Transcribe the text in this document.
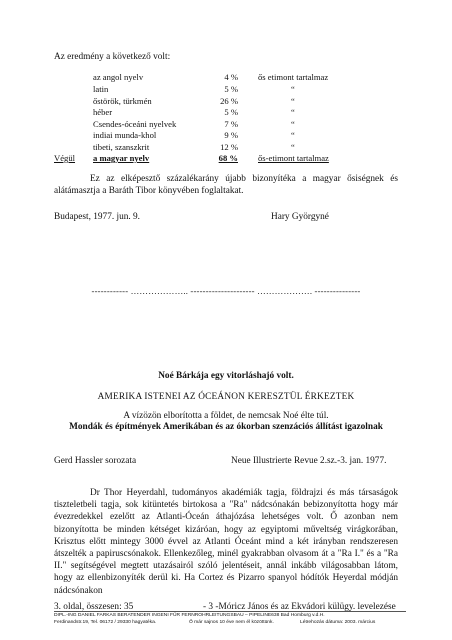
Az eredmény a következő volt:
az angol nyelv	4 % ős etimont tartalmaz
latin	5 %	“
őstörök, türkmén	26 %	“
héber	5 %	“
Csendes-óceáni nyelvek	7 %	“
indiai munda-khol	9 %	“
tibeti, szanszkrit	12 %	“
Végül a magyar nyelv	68 % ős-etimont tartalmaz
Ez az elképesztő százalékarány újabb bizonyítéka a magyar ősiségnek és alátámasztja a Baráth Tibor könyvében foglaltakat.
Budapest, 1977. jun. 9.	Hary Györgyné
------------ ……………….. --------------------- ………………. ---------------
Noé Bárkája egy vitorláshajó volt.
AMERIKA ISTENEI AZ ÓCEÁNON KERESZTÜL ÉRKEZTEK
A vízözön elborította a földet, de nemcsak Noé élte túl.
Mondák és építmények Amerikában és az ókorban szenzációs állítást igazolnak
Gerd Hassler sorozata	Neue Illustrierte Revue 2.sz.-3. jan. 1977.
Dr Thor Heyerdahl, tudományos akadémiák tagja, földrajzi és más társaságok tiszteletbeli tagja, sok kitüntetés birtokosa a "Ra" nádcsónakán bebizonyította hogy már évezredekkel ezelőtt az Atlanti-Óceán áthajózása lehetséges volt. Ő azonban nem bizonyította be minden kétséget kizáróan, hogy az egyiptomi műveltség virágkorában, Krisztus előtt mintegy 3000 évvel az Atlanti Óceánt mind a két irányban rendszeresen átszelték a papiruscsónakok. Ellenkezőleg, minél gyakrabban olvasom át a "Ra I." és a "Ra II." segítségével megtett utazásairól szóló jelentéseit, annál inkább világosabban látom, hogy az ellenbizonyíték derül ki. Ha Cortez és Pizarro spanyol hódítók Heyerdal módján nádcsónakon
3. oldal, összesen: 35	- 3 -Móricz János és az Ekvádori külügy. levelezése
DIPL.-ING DANIEL FARKAS BERATENDER INGENI FÜR FERNROHRLEITUNGSBAU – PIPELINE638 Bad Homburg v.d.H.
Ferdinandstr.19, Tel. 06172 / 29330 hagyatéka.	Ő már sajnos 10 éve nem él közöttünk.	Létrehozás dátuma: 2003. március
